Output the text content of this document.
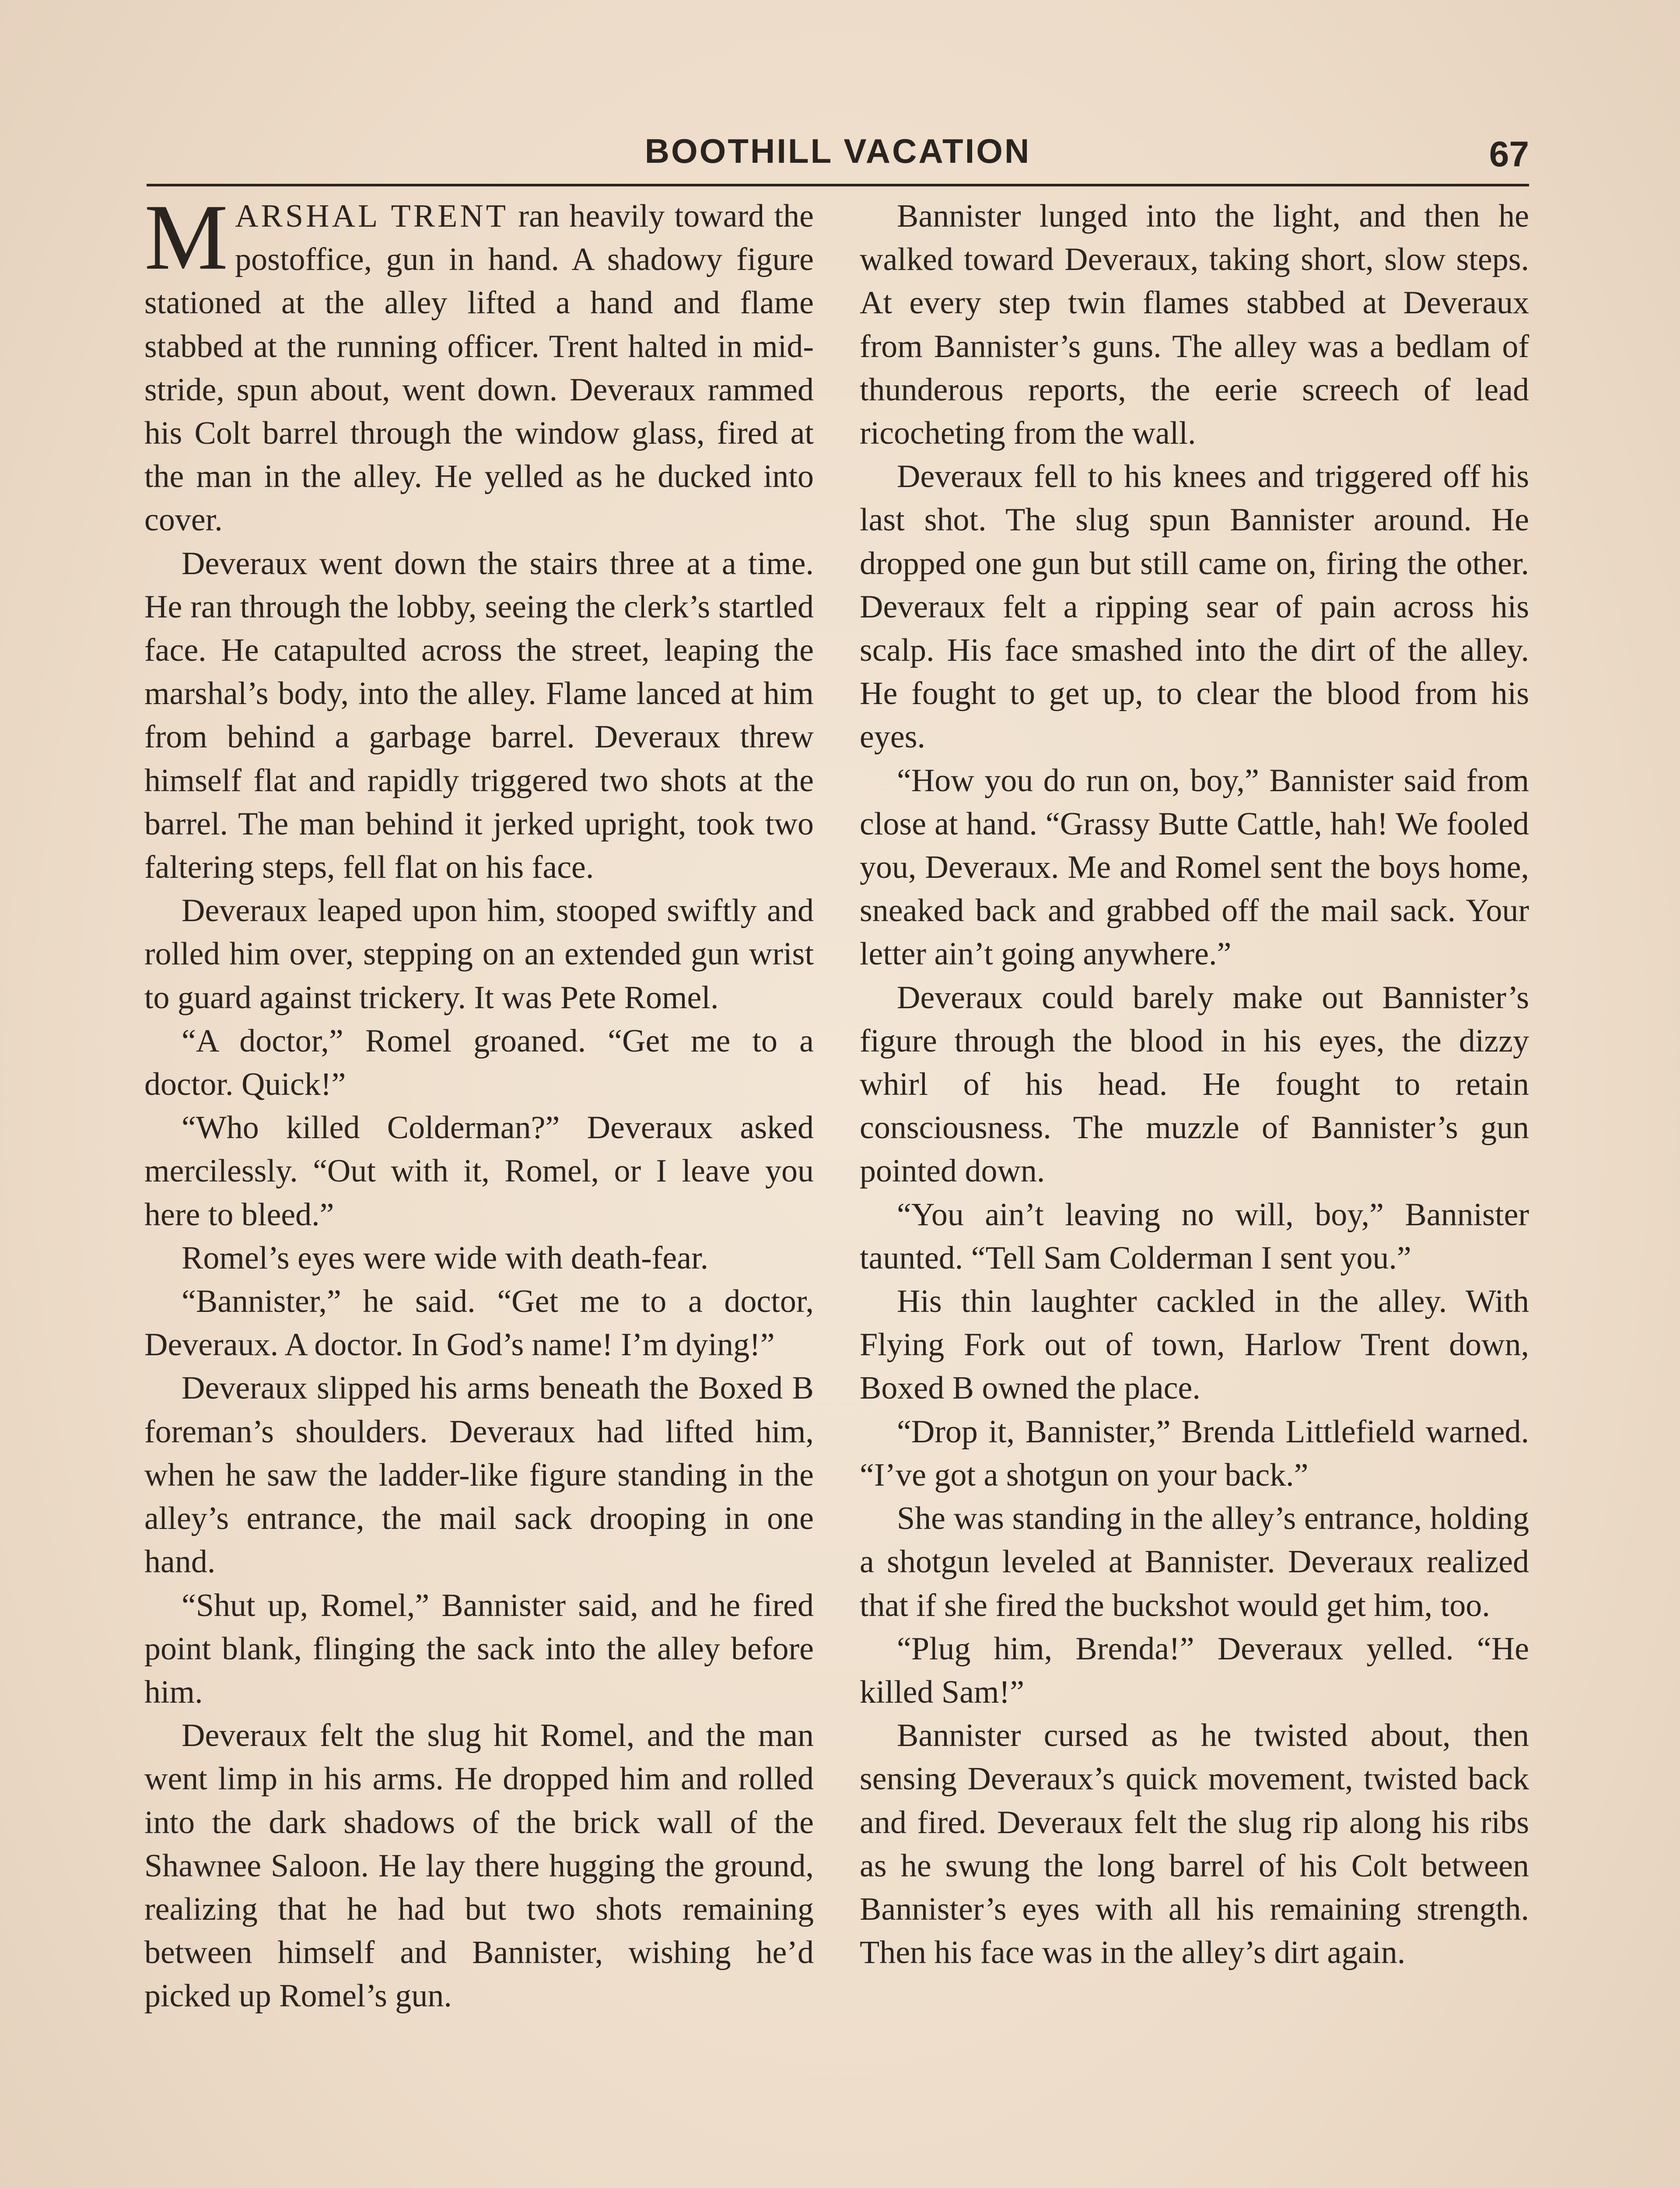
BOOTHILL VACATION	67

MARSHAL TRENT ran heavily toward the postoffice, gun in hand. A shadowy figure stationed at the alley lifted a hand and flame stabbed at the running officer. Trent halted in mid-stride, spun about, went down. Deveraux rammed his Colt barrel through the window glass, fired at the man in the alley. He yelled as he ducked into cover.

Deveraux went down the stairs three at a time. He ran through the lobby, seeing the clerk’s startled face. He catapulted across the street, leaping the marshal’s body, into the alley. Flame lanced at him from behind a garbage barrel. Deveraux threw himself flat and rapidly triggered two shots at the barrel. The man behind it jerked upright, took two faltering steps, fell flat on his face.

Deveraux leaped upon him, stooped swiftly and rolled him over, stepping on an extended gun wrist to guard against trickery. It was Pete Romel.

“A doctor,” Romel groaned. “Get me to a doctor. Quick!”

“Who killed Colderman?” Deveraux asked mercilessly. “Out with it, Romel, or I leave you here to bleed.”

Romel’s eyes were wide with death-fear.

“Bannister,” he said. “Get me to a doctor, Deveraux. A doctor. In God’s name! I’m dying!”

Deveraux slipped his arms beneath the Boxed B foreman’s shoulders. Deveraux had lifted him, when he saw the ladder-like figure standing in the alley’s entrance, the mail sack drooping in one hand.

“Shut up, Romel,” Bannister said, and he fired point blank, flinging the sack into the alley before him.

Deveraux felt the slug hit Romel, and the man went limp in his arms. He dropped him and rolled into the dark shadows of the brick wall of the Shawnee Saloon. He lay there hugging the ground, realizing that he had but two shots remaining between himself and Bannister, wishing he’d picked up Romel’s gun.

Bannister lunged into the light, and then he walked toward Deveraux, taking short, slow steps. At every step twin flames stabbed at Deveraux from Bannister’s guns. The alley was a bedlam of thunderous reports, the eerie screech of lead ricocheting from the wall.

Deveraux fell to his knees and triggered off his last shot. The slug spun Bannister around. He dropped one gun but still came on, firing the other. Deveraux felt a ripping sear of pain across his scalp. His face smashed into the dirt of the alley. He fought to get up, to clear the blood from his eyes.

“How you do run on, boy,” Bannister said from close at hand. “Grassy Butte Cattle, hah! We fooled you, Deveraux. Me and Romel sent the boys home, sneaked back and grabbed off the mail sack. Your letter ain’t going anywhere.”

Deveraux could barely make out Bannister’s figure through the blood in his eyes, the dizzy whirl of his head. He fought to retain consciousness. The muzzle of Bannister’s gun pointed down.

“You ain’t leaving no will, boy,” Bannister taunted. “Tell Sam Colderman I sent you.”

His thin laughter cackled in the alley. With Flying Fork out of town, Harlow Trent down, Boxed B owned the place.

“Drop it, Bannister,” Brenda Littlefield warned. “I’ve got a shotgun on your back.”

She was standing in the alley’s entrance, holding a shotgun leveled at Bannister. Deveraux realized that if she fired the buckshot would get him, too.

“Plug him, Brenda!” Deveraux yelled. “He killed Sam!”

Bannister cursed as he twisted about, then sensing Deveraux’s quick movement, twisted back and fired. Deveraux felt the slug rip along his ribs as he swung the long barrel of his Colt between Bannister’s eyes with all his remaining strength. Then his face was in the alley’s dirt again.
